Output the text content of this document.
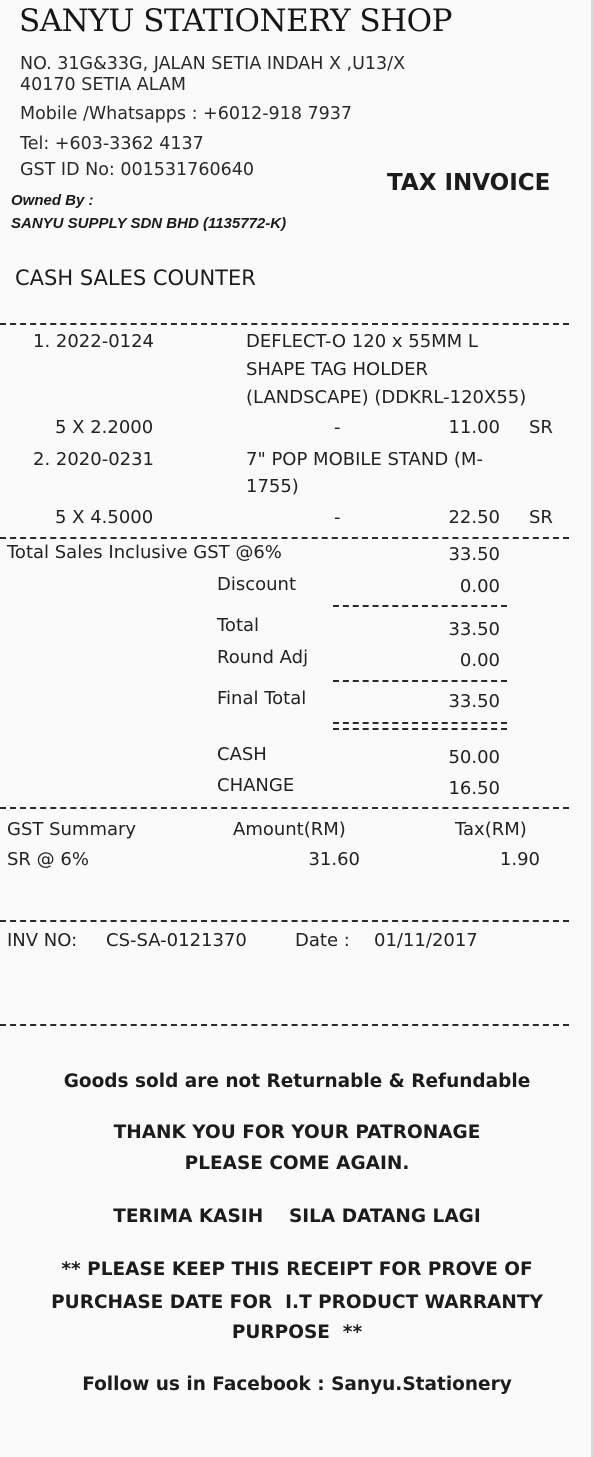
SANYU STATIONERY SHOP
NO. 31G&33G, JALAN SETIA INDAH X ,U13/X
40170 SETIA ALAM
Mobile /Whatsapps : +6012-918 7937
Tel: +603-3362 4137
GST ID No: 001531760640
Owned By :
SANYU SUPPLY SDN BHD (1135772-K)
TAX INVOICE
CASH SALES COUNTER
1. 2022-0124	DEFLECT-O 120 x 55MM L
SHAPE TAG HOLDER
(LANDSCAPE) (DDKRL-120X55)
5 X 2.2000	-	11.00 SR
2. 2020-0231	7" POP MOBILE STAND (M-
1755)
5 X 4.5000	-	22.50 SR
Total Sales Inclusive GST @6%	33.50
Discount	0.00
Total	33.50
Round Adj	0.00
Final Total	33.50
CASH	50.00
CHANGE	16.50
GST Summary	Amount(RM)	Tax(RM)
SR @ 6%	31.60	1.90
INV NO: CS-SA-0121370	Date : 01/11/2017
Goods sold are not Returnable & Refundable
THANK YOU FOR YOUR PATRONAGE
PLEASE COME AGAIN.
TERIMA KASIH    SILA DATANG LAGI
** PLEASE KEEP THIS RECEIPT FOR PROVE OF
PURCHASE DATE FOR  I.T PRODUCT WARRANTY
PURPOSE  **
Follow us in Facebook : Sanyu.Stationery
